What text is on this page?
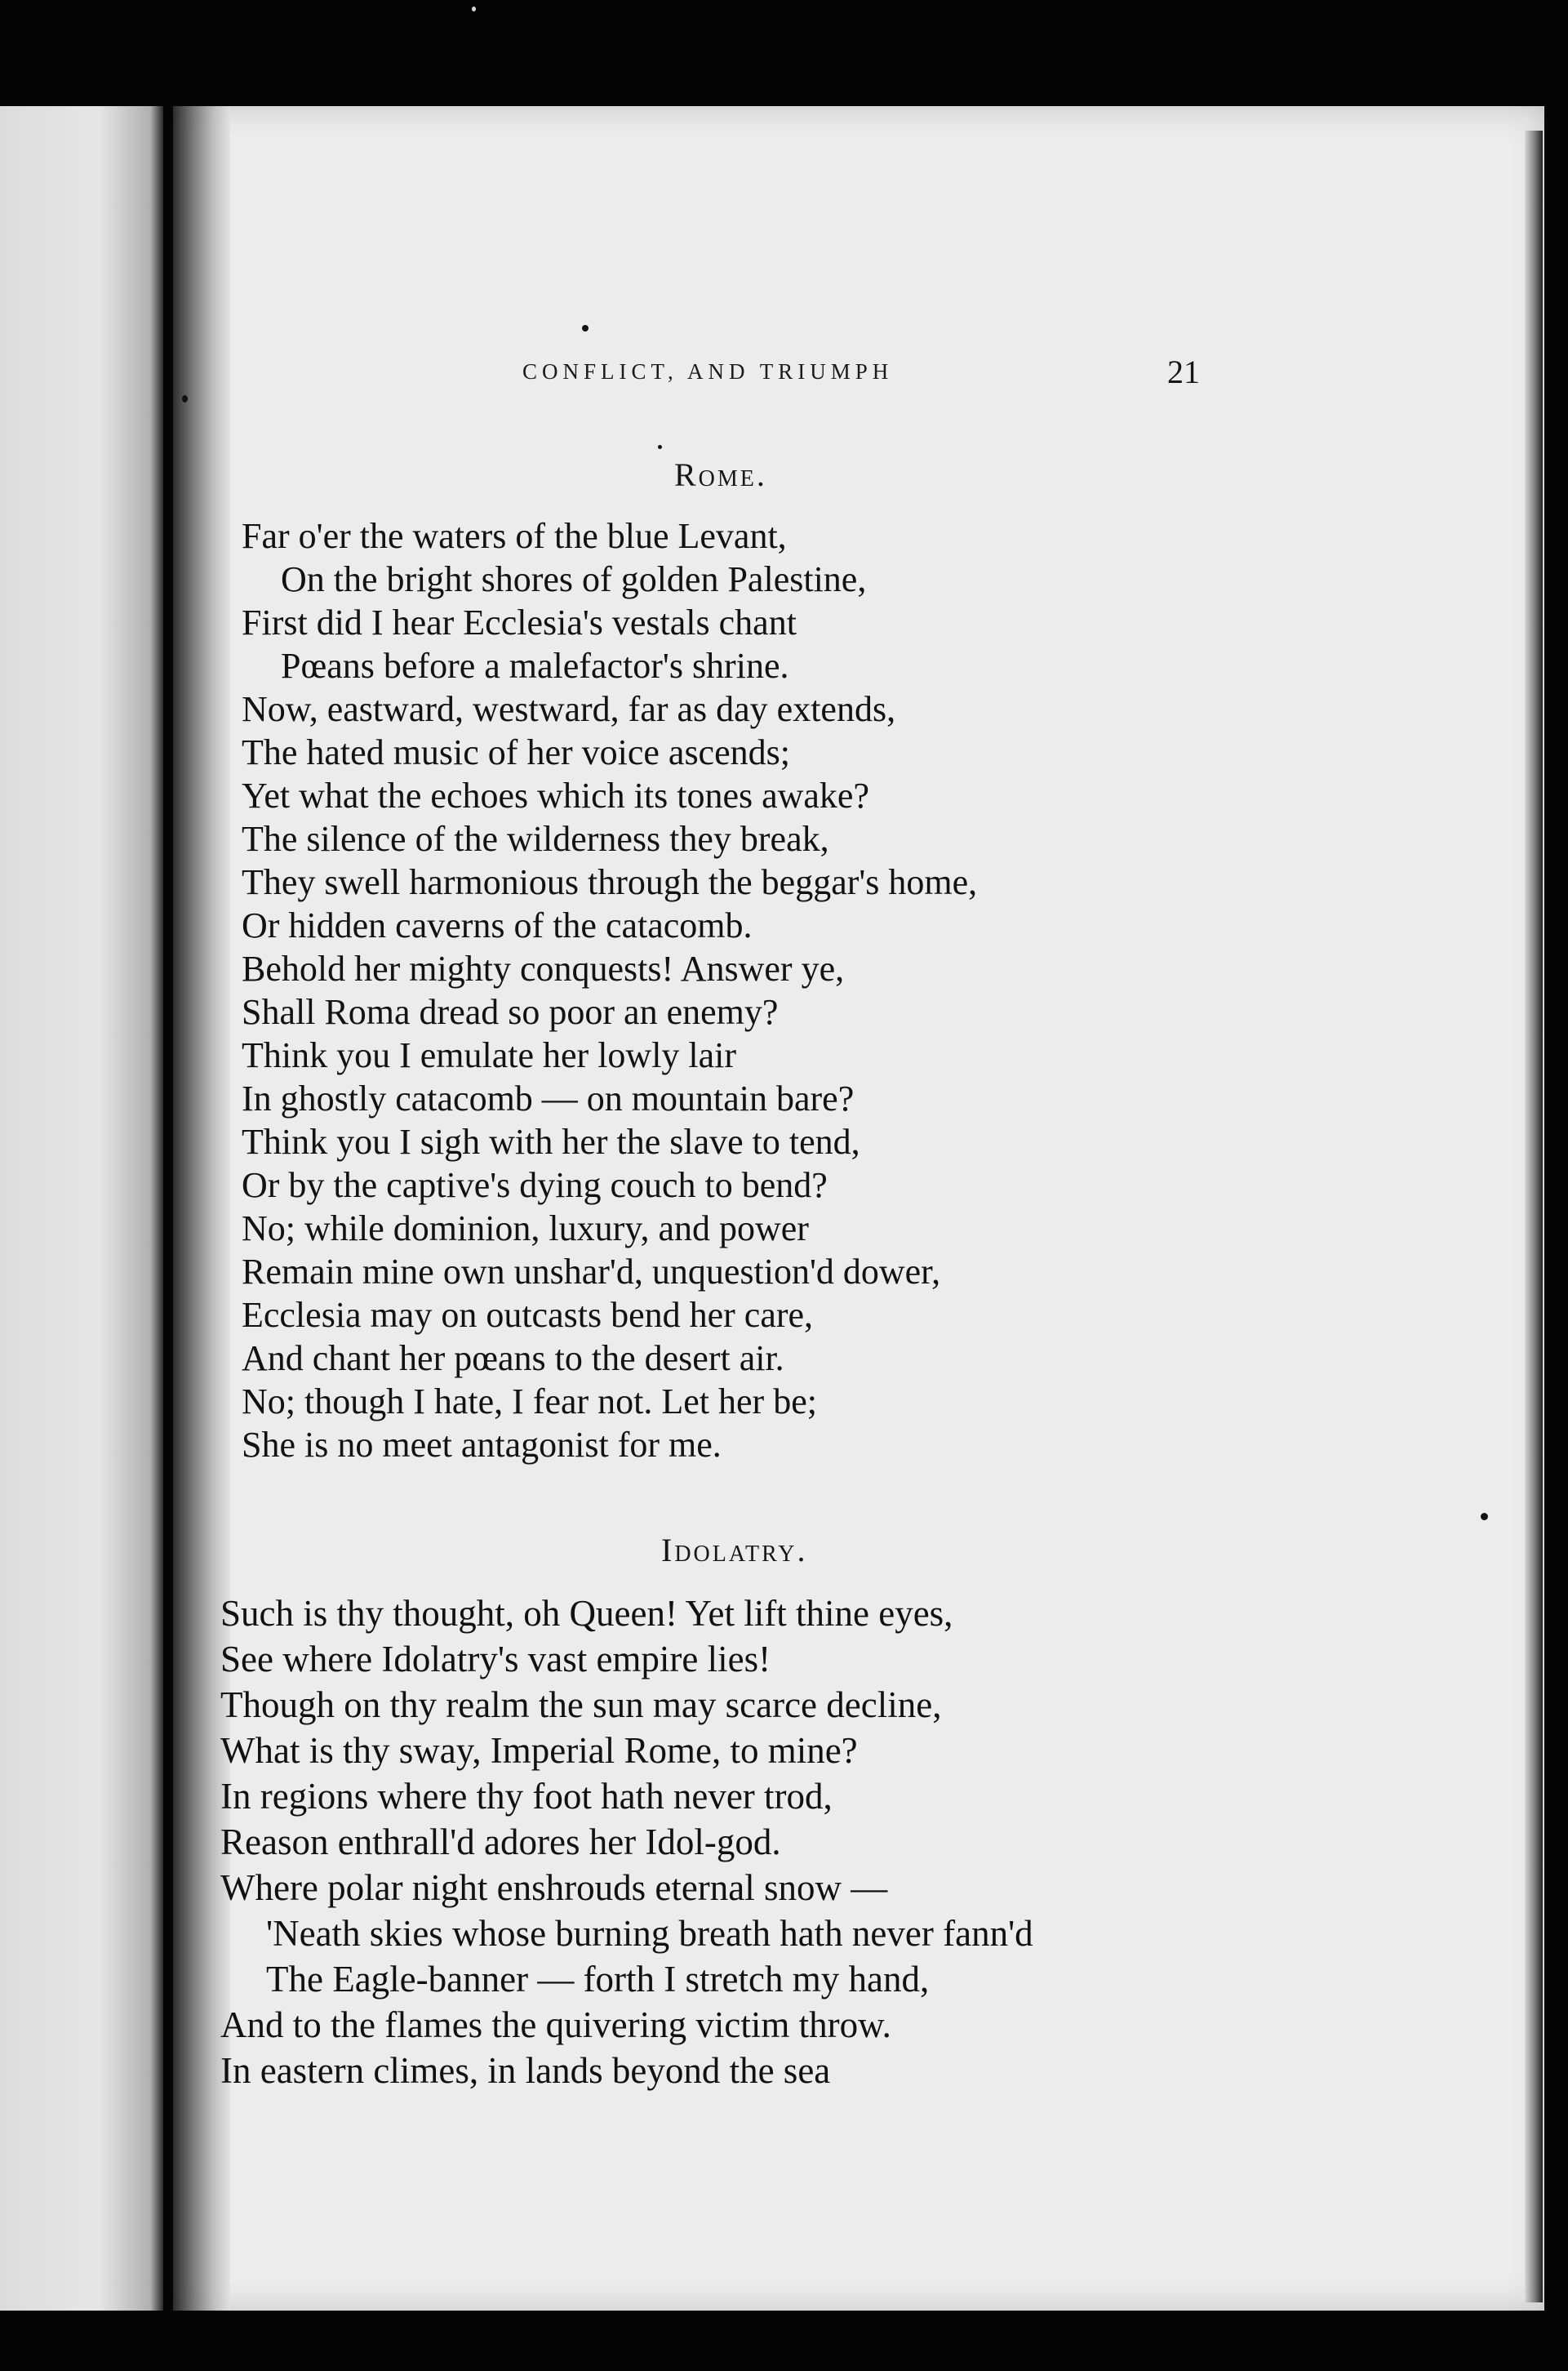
CONFLICT, AND TRIUMPH	21
Rome.
Far o'er the waters of the blue Levant,
On the bright shores of golden Palestine,
First did I hear Ecclesia's vestals chant
Pœans before a malefactor's shrine.
Now, eastward, westward, far as day extends,
The hated music of her voice ascends;
Yet what the echoes which its tones awake?
The silence of the wilderness they break,
They swell harmonious through the beggar's home,
Or hidden caverns of the catacomb.
Behold her mighty conquests! Answer ye,
Shall Roma dread so poor an enemy?
Think you I emulate her lowly lair
In ghostly catacomb — on mountain bare?
Think you I sigh with her the slave to tend,
Or by the captive's dying couch to bend?
No; while dominion, luxury, and power
Remain mine own unshar'd, unquestion'd dower,
Ecclesia may on outcasts bend her care,
And chant her pœans to the desert air.
No; though I hate, I fear not. Let her be;
She is no meet antagonist for me.
Idolatry.
Such is thy thought, oh Queen! Yet lift thine eyes,
See where Idolatry's vast empire lies!
Though on thy realm the sun may scarce decline,
What is thy sway, Imperial Rome, to mine?
In regions where thy foot hath never trod,
Reason enthrall'd adores her Idol-god.
Where polar night enshrouds eternal snow —
'Neath skies whose burning breath hath never fann'd
The Eagle-banner — forth I stretch my hand,
And to the flames the quivering victim throw.
In eastern climes, in lands beyond the sea
